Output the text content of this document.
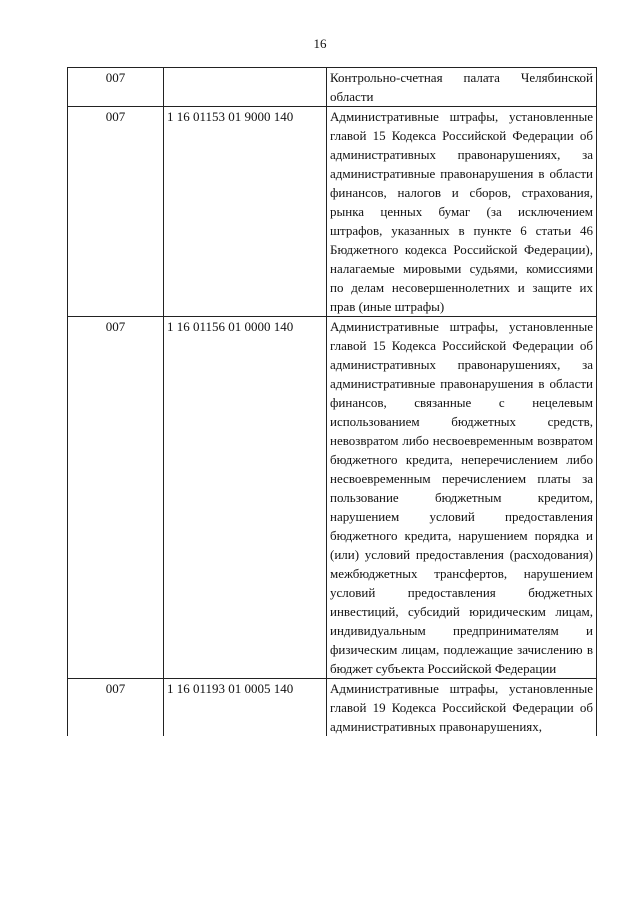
16
007		Контрольно-счетная палата Челябинской области
007	1 16 01153 01 9000 140	Административные штрафы, установленные главой 15 Кодекса Российской Федерации об административных правонарушениях, за административные правонарушения в области финансов, налогов и сборов, страхования, рынка ценных бумаг (за исключением штрафов, указанных в пункте 6 статьи 46 Бюджетного кодекса Российской Федерации), налагаемые мировыми судьями, комиссиями по делам несовершеннолетних и защите их прав (иные штрафы)
007	1 16 01156 01 0000 140	Административные штрафы, установленные главой 15 Кодекса Российской Федерации об административных правонарушениях, за административные правонарушения в области финансов, связанные с нецелевым использованием бюджетных средств, невозвратом либо несвоевременным возвратом бюджетного кредита, неперечислением либо несвоевременным перечислением платы за пользование бюджетным кредитом, нарушением условий предоставления бюджетного кредита, нарушением порядка и (или) условий предоставления (расходования) межбюджетных трансфертов, нарушением условий предоставления бюджетных инвестиций, субсидий юридическим лицам, индивидуальным предпринимателям и физическим лицам, подлежащие зачислению в бюджет субъекта Российской Федерации
007	1 16 01193 01 0005 140	Административные штрафы, установленные главой 19 Кодекса Российской Федерации об административных правонарушениях,
